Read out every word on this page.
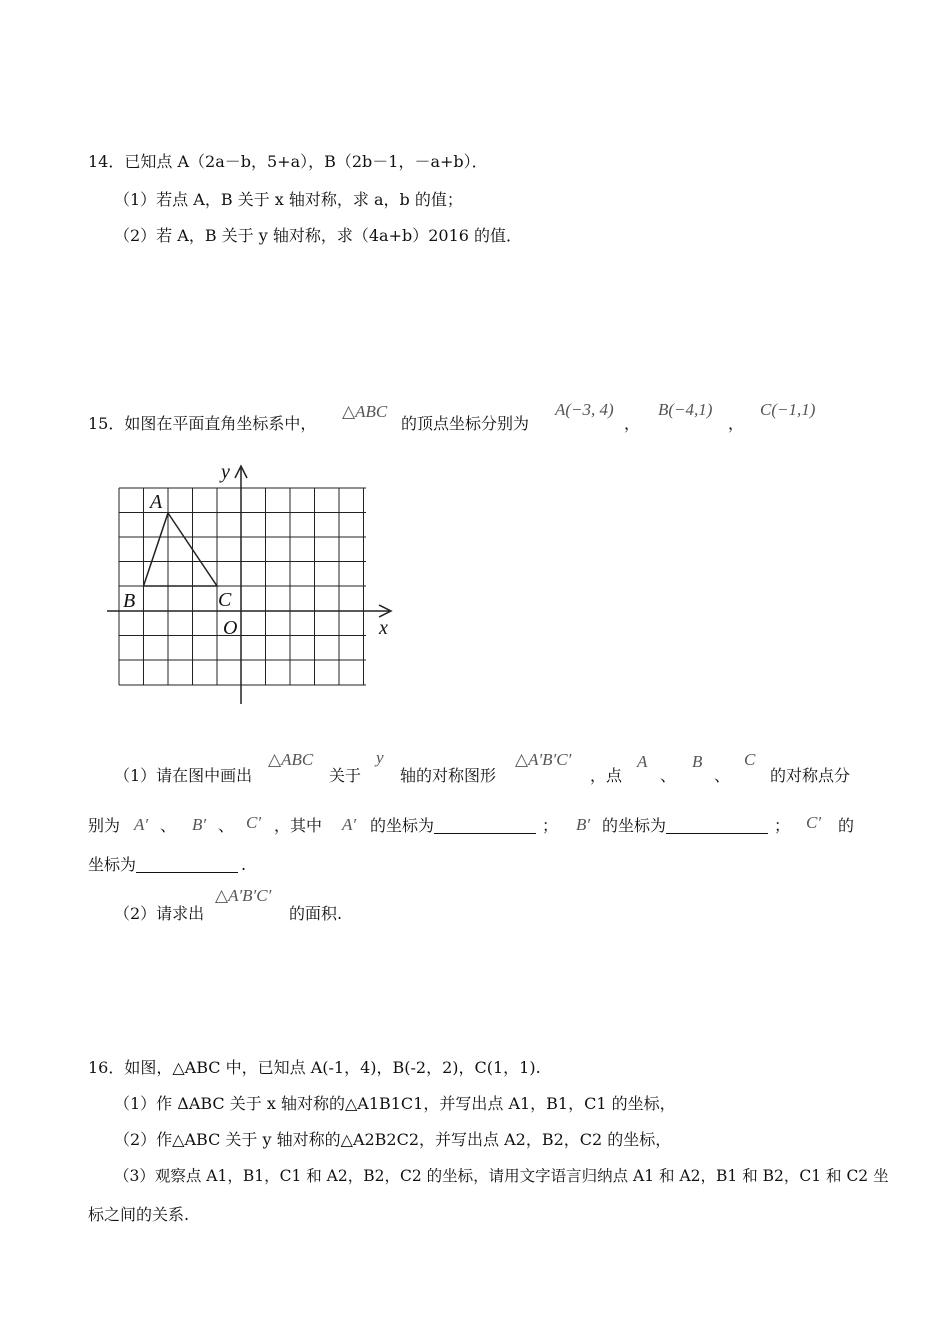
14．已知点 A（2a－b，5+a），B（2b－1，－a+b）．
（1）若点 A，B 关于 x 轴对称，求 a，b 的值；
（2）若 A，B 关于 y 轴对称，求（4a+b）2016 的值．
15．如图在平面直角坐标系中，
△ABC
的顶点坐标分别为
A(−3, 4)
，
B(−4,1)
，
C(−1,1)
y
x
O
A
B	C
（1）请在图中画出
△ABC
关于
y
轴的对称图形
△A′B′C′
，点
A
、
B
、
C
的对称点分
别为 A′ 、 B′ 、 C′ ，其中 A′ 的坐标为	； B′ 的坐标为	； C′ 的
坐标为	.
（2）请求出
△A′B′C′
的面积.
16．如图，△ABC 中，已知点 A(-1，4)，B(-2，2)，C(1，1).
（1）作 ΔABC 关于 x 轴对称的△A1B1C1，并写出点 A1，B1，C1 的坐标，
（2）作△ABC 关于 y 轴对称的△A2B2C2，并写出点 A2，B2，C2 的坐标，
（3）观察点 A1，B1，C1 和 A2，B2，C2 的坐标，请用文字语言归纳点 A1 和 A2，B1 和 B2，C1 和 C2 坐
标之间的关系.
